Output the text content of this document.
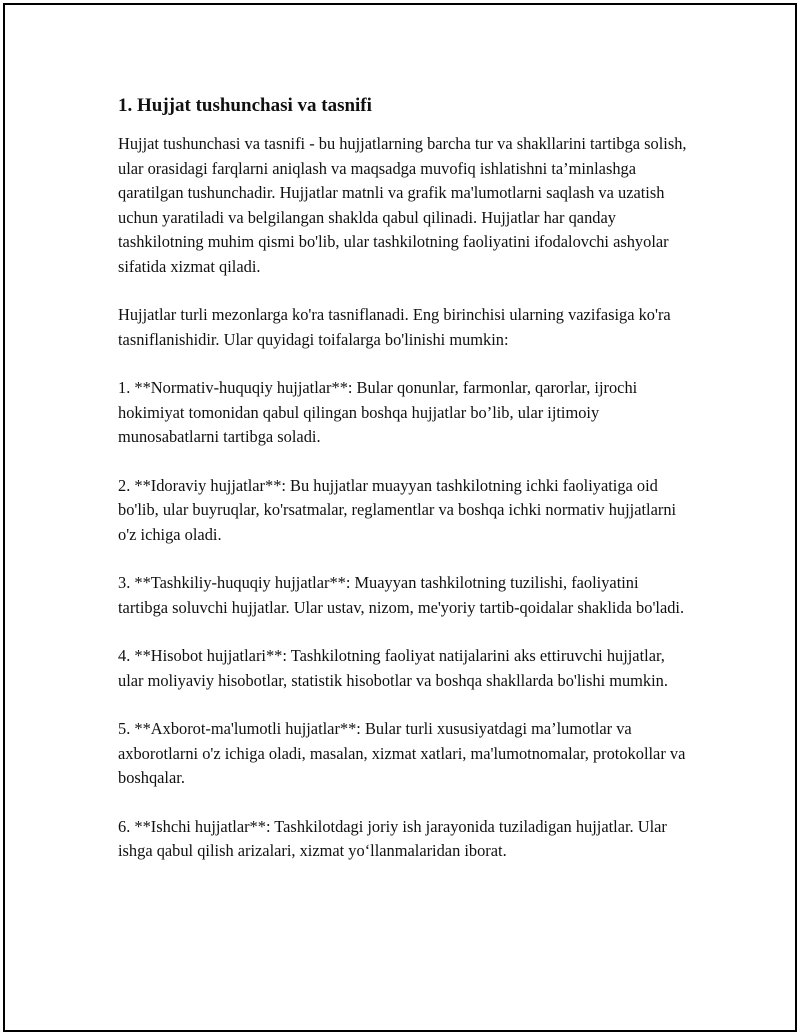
1. Hujjat tushunchasi va tasnifi

Hujjat tushunchasi va tasnifi - bu hujjatlarning barcha tur va shakllarini tartibga solish, ular orasidagi farqlarni aniqlash va maqsadga muvofiq ishlatishni ta’minlashga qaratilgan tushunchadir. Hujjatlar matnli va grafik ma'lumotlarni saqlash va uzatish uchun yaratiladi va belgilangan shaklda qabul qilinadi. Hujjatlar har qanday tashkilotning muhim qismi bo'lib, ular tashkilotning faoliyatini ifodalovchi ashyolar sifatida xizmat qiladi.

Hujjatlar turli mezonlarga ko'ra tasniflanadi. Eng birinchisi ularning vazifasiga ko'ra tasniflanishidir. Ular quyidagi toifalarga bo'linishi mumkin:

1. **Normativ-huquqiy hujjatlar**: Bular qonunlar, farmonlar, qarorlar, ijrochi hokimiyat tomonidan qabul qilingan boshqa hujjatlar bo’lib, ular ijtimoiy munosabatlarni tartibga soladi.

2. **Idoraviy hujjatlar**: Bu hujjatlar muayyan tashkilotning ichki faoliyatiga oid bo'lib, ular buyruqlar, ko'rsatmalar, reglamentlar va boshqa ichki normativ hujjatlarni o'z ichiga oladi.

3. **Tashkiliy-huquqiy hujjatlar**: Muayyan tashkilotning tuzilishi, faoliyatini tartibga soluvchi hujjatlar. Ular ustav, nizom, me'yoriy tartib-qoidalar shaklida bo'ladi.

4. **Hisobot hujjatlari**: Tashkilotning faoliyat natijalarini aks ettiruvchi hujjatlar, ular moliyaviy hisobotlar, statistik hisobotlar va boshqa shakllarda bo'lishi mumkin.

5. **Axborot-ma'lumotli hujjatlar**: Bular turli xususiyatdagi ma’lumotlar va axborotlarni o'z ichiga oladi, masalan, xizmat xatlari, ma'lumotnomalar, protokollar va boshqalar.

6. **Ishchi hujjatlar**: Tashkilotdagi joriy ish jarayonida tuziladigan hujjatlar. Ular ishga qabul qilish arizalari, xizmat yo‘llanmalaridan iborat.
